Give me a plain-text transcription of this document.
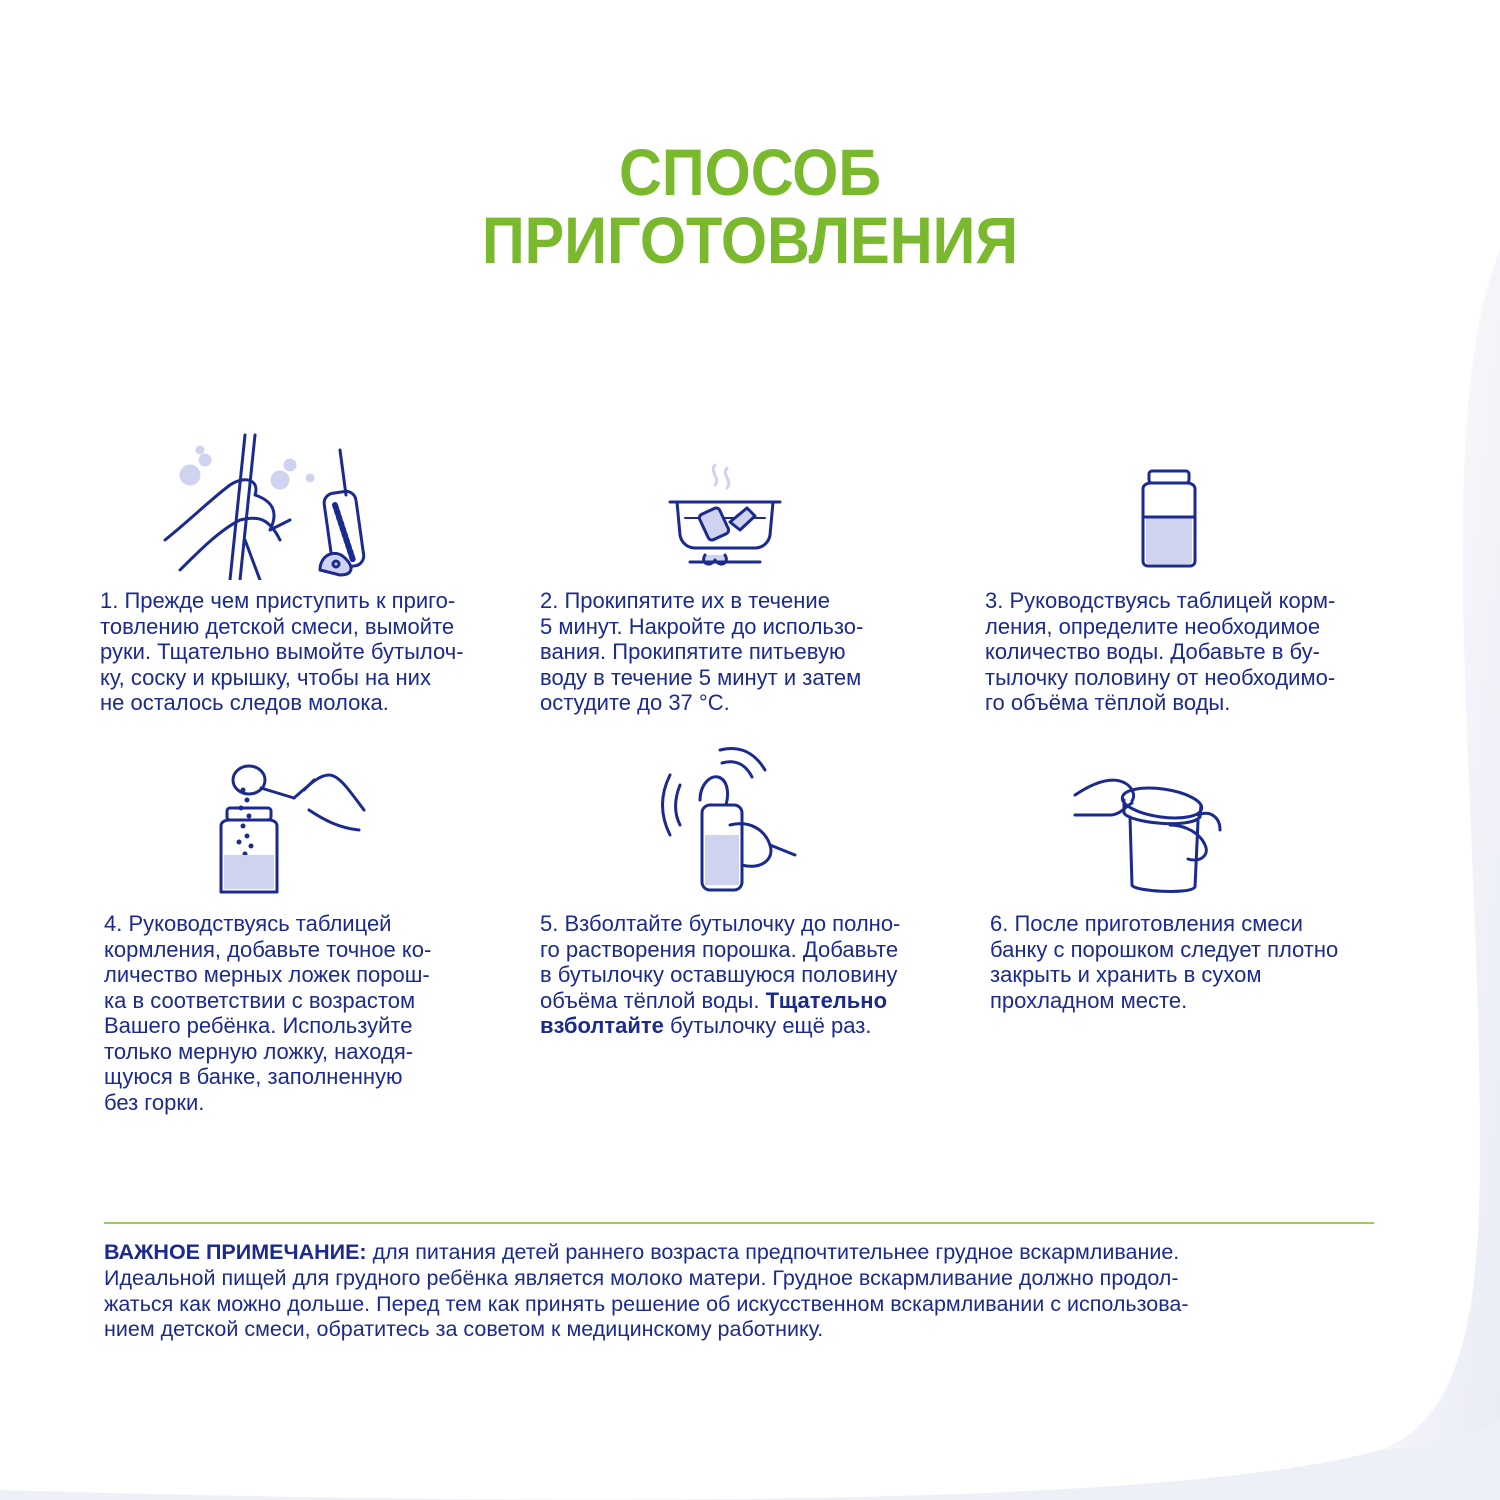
СПОСОБ
ПРИГОТОВЛЕНИЯ
1. Прежде чем приступить к приго-
товлению детской смеси, вымойте
руки. Тщательно вымойте бутылоч-
ку, соску и крышку, чтобы на них
не осталось следов молока.
2. Прокипятите их в течение
5 минут. Накройте до использо-
вания. Прокипятите питьевую
воду в течение 5 минут и затем
остудите до 37 °С.
3. Руководствуясь таблицей корм-
ления, определите необходимое
количество воды. Добавьте в бу-
тылочку половину от необходимо-
го объёма тёплой воды.
4. Руководствуясь таблицей
кормления, добавьте точное ко-
личество мерных ложек порош-
ка в соответствии с возрастом
Вашего ребёнка. Используйте
только мерную ложку, находя-
щуюся в банке, заполненную
без горки.
5. Взболтайте бутылочку до полно-
го растворения порошка. Добавьте
в бутылочку оставшуюся половину
объёма тёплой воды. Тщательно
взболтайте бутылочку ещё раз.
6. После приготовления смеси
банку с порошком следует плотно
закрыть и хранить в сухом
прохладном месте.
ВАЖНОЕ ПРИМЕЧАНИЕ: для питания детей раннего возраста предпочтительнее грудное вскармливание.
Идеальной пищей для грудного ребёнка является молоко матери. Грудное вскармливание должно продол-
жаться как можно дольше. Перед тем как принять решение об искусственном вскармливании с использова-
нием детской смеси, обратитесь за советом к медицинскому работнику.
